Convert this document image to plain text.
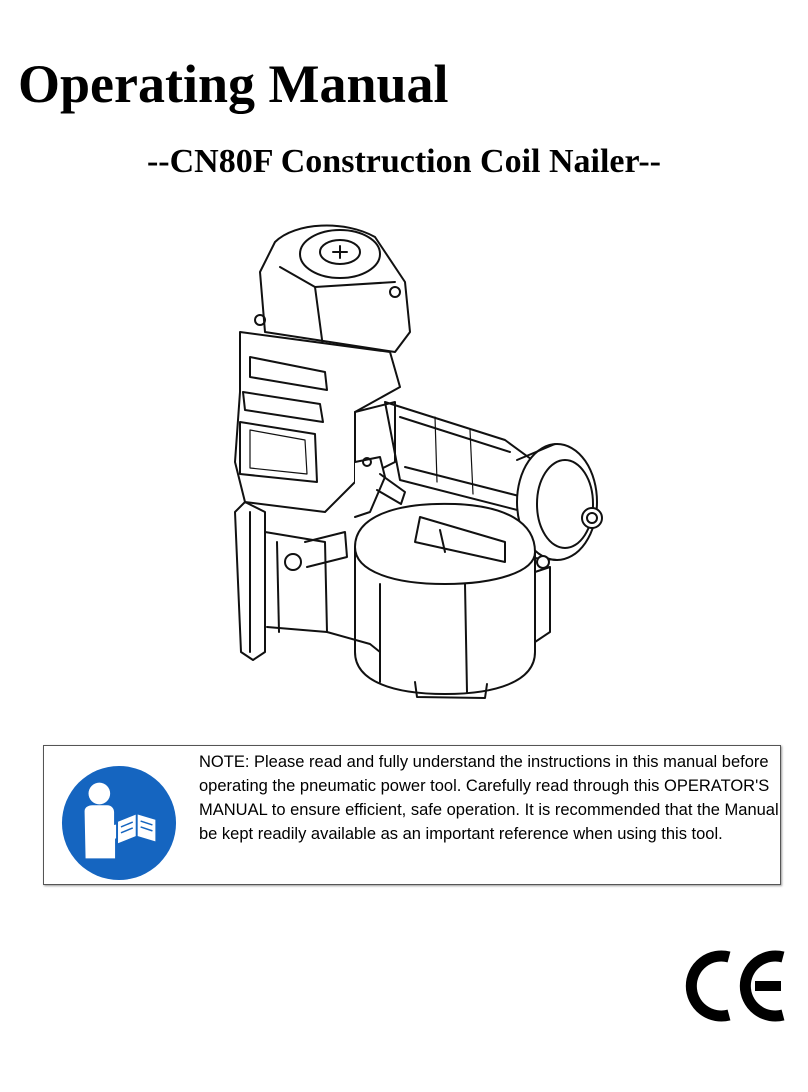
Operating Manual
--CN80F Construction Coil Nailer--

NOTE: Please read and fully understand the instructions in this manual before operating the pneumatic power tool. Carefully read through this OPERATOR'S MANUAL to ensure efficient, safe operation. It is recommended that the Manual be kept readily available as an important reference when using this tool.
